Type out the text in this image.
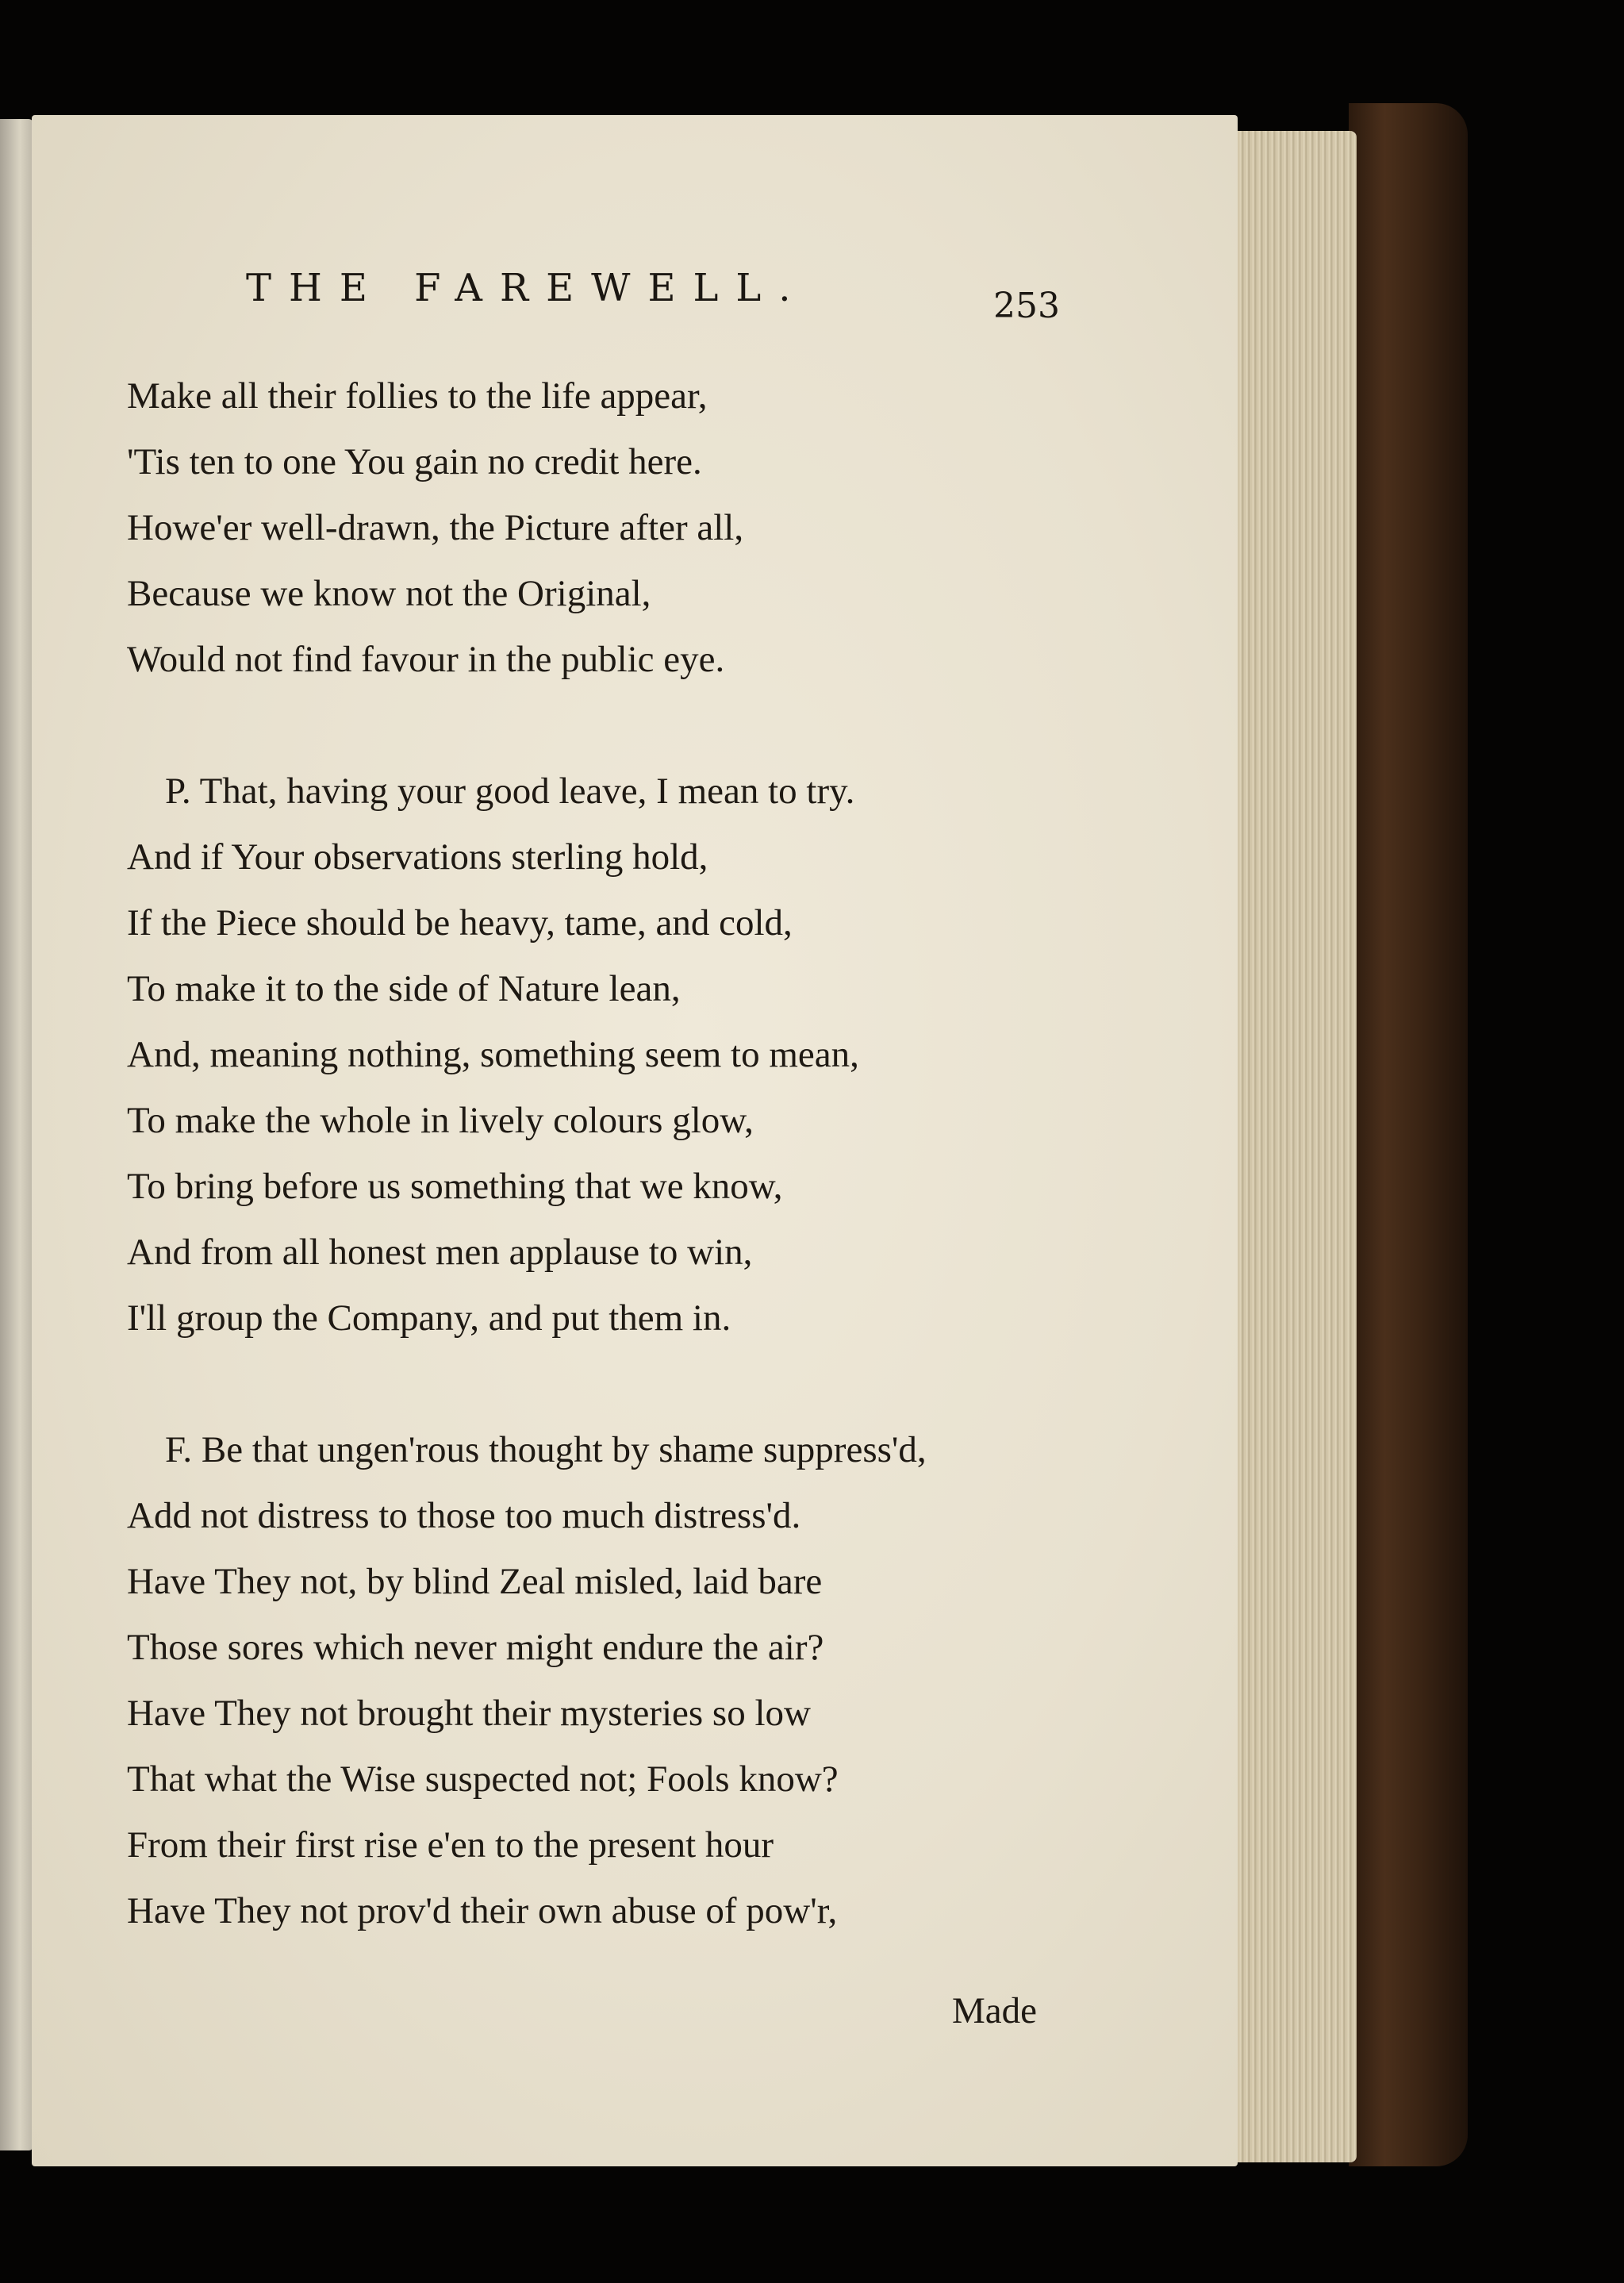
THE FAREWELL.	253
Make all their follies to the life appear,
'Tis ten to one You gain no credit here.
Howe'er well-drawn, the Picture after all,
Because we know not the Original,
Would not find favour in the public eye.
P. That, having your good leave, I mean to try.
And if Your observations sterling hold,
If the Piece should be heavy, tame, and cold,
To make it to the side of Nature lean,
And, meaning nothing, something seem to mean,
To make the whole in lively colours glow,
To bring before us something that we know,
And from all honest men applause to win,
I'll group the Company, and put them in.
F. Be that ungen'rous thought by shame suppress'd,
Add not distress to those too much distress'd.
Have They not, by blind Zeal misled, laid bare
Those sores which never might endure the air?
Have They not brought their mysteries so low
That what the Wise suspected not; Fools know?
From their first rise e'en to the present hour
Have They not prov'd their own abuse of pow'r,
Made
